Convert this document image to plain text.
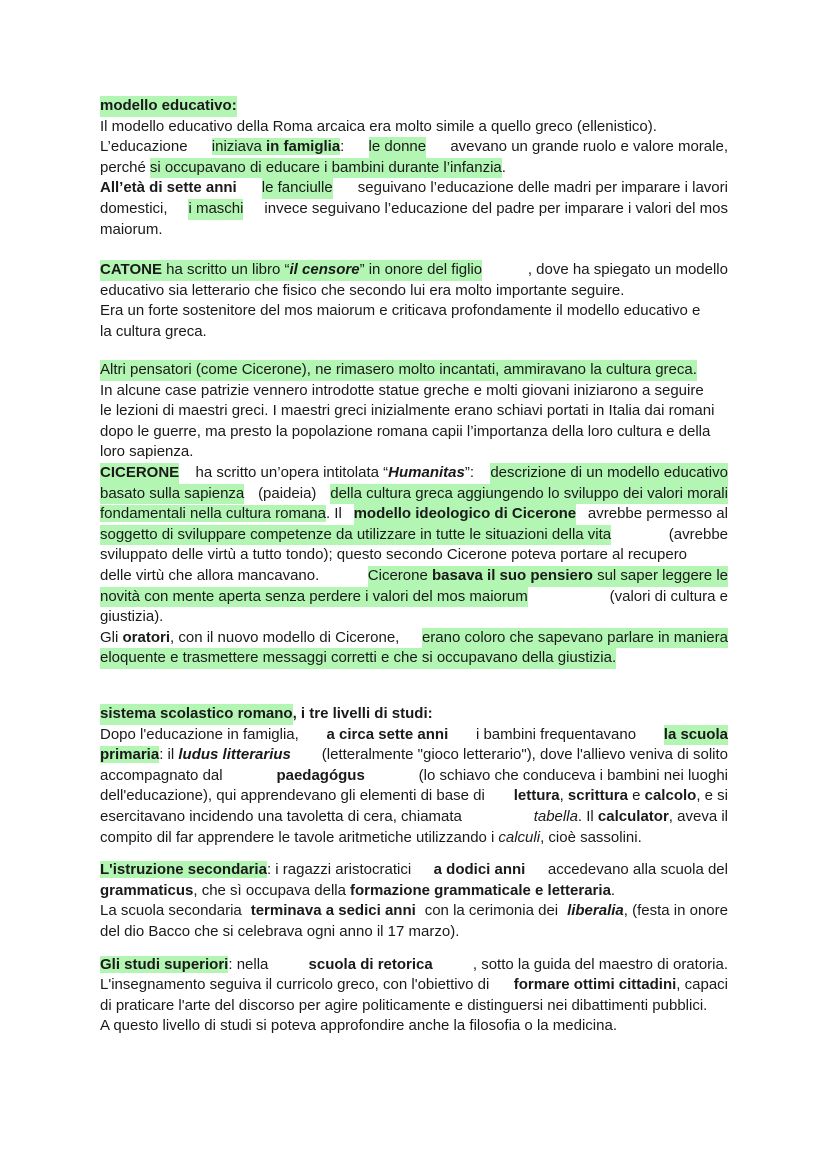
modello educativo:
Il modello educativo della Roma arcaica era molto simile a quello greco (ellenistico).
L’educazione iniziava in famiglia: le donne avevano un grande ruolo e valore morale,
perché si occupavano di educare i bambini durante l’infanzia .
All’età di sette anni le fanciulle seguivano l’educazione delle madri per imparare i lavori
domestici, i maschi invece seguivano l’educazione del padre per imparare i valori del mos
maiorum.
CATONE ha scritto un libro “il censore” in onore del figlio	, dove ha spiegato un modello
educativo sia letterario che fisico che secondo lui era molto importante seguire.
Era un forte sostenitore del mos maiorum e criticava profondamente il modello educativo e
la cultura greca.
Altri pensatori (come Cicerone), ne rimasero molto incantati, ammiravano la cultura greca.
In alcune case patrizie vennero introdotte statue greche e molti giovani iniziarono a seguire
le lezioni di maestri greci. I maestri greci inizialmente erano schiavi portati in Italia dai romani
dopo le guerre, ma presto la popolazione romana capii l’importanza della loro cultura e della
loro sapienza.
CICERONE ha scritto un’opera intitolata “Humanitas”: descrizione di un modello educativo
basato sulla sapienza (paideia) della cultura greca aggiungendo lo sviluppo dei valori morali
fondamentali nella cultura romana. Il modello ideologico di Cicerone avrebbe permesso al
soggetto di sviluppare competenze da utilizzare in tutte le situazioni della vita	(avrebbe
sviluppato delle virtù a tutto tondo); questo secondo Cicerone poteva portare al recupero
delle virtù che allora mancavano.	Cicerone basava il suo pensiero sul saper leggere le
novità con mente aperta senza perdere i valori del mos maiorum	(valori di cultura e
giustizia).
Gli oratori, con il nuovo modello di Cicerone, erano coloro che sapevano parlare in maniera
eloquente e trasmettere messaggi corretti e che si occupavano della giustizia.
sistema scolastico romano , i tre livelli di studi:
Dopo l'educazione in famiglia, a circa sette anni i bambini frequentavano la scuola
primaria: il ludus litterarius (letteralmente "gioco letterario"), dove l'allievo veniva di solito
accompagnato dal	paedagógus	(lo schiavo che conduceva i bambini nei luoghi
dell'educazione), qui apprendevano gli elementi di base di lettura, scrittura e calcolo, e si
esercitavano incidendo una tavoletta di cera, chiamata	tabella. Il calculator, aveva il
compito dil far apprendere le tavole aritmetiche utilizzando i calculi , cioè sassolini.
L'istruzione secondaria: i ragazzi aristocratici a dodici anni accedevano alla scuola del
grammaticus , che sì occupava della formazione grammaticale e letteraria .
La scuola secondaria terminava a sedici anni con la cerimonia dei liberalia, (festa in onore
del dio Bacco che si celebrava ogni anno il 17 marzo).
Gli studi superiori: nella	scuola di retorica	, sotto la guida del maestro di oratoria.
L'insegnamento seguiva il curricolo greco, con l'obiettivo di formare ottimi cittadini, capaci
di praticare l'arte del discorso per agire politicamente e distinguersi nei dibattimenti pubblici.
A questo livello di studi si poteva approfondire anche la filosofia o la medicina.
